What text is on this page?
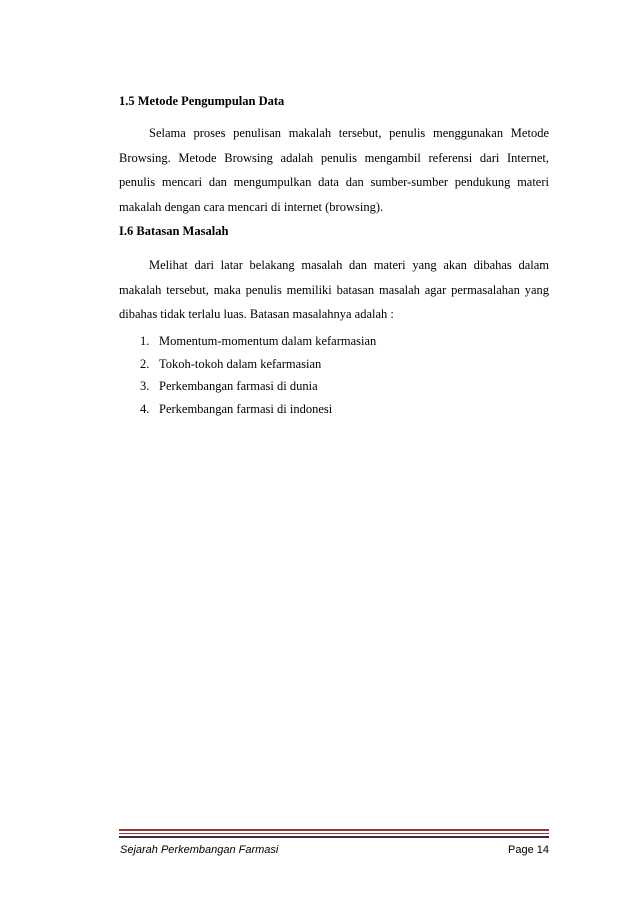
1.5 Metode Pengumpulan Data

Selama proses penulisan makalah tersebut, penulis menggunakan Metode Browsing. Metode Browsing adalah penulis mengambil referensi dari Internet, penulis mencari dan mengumpulkan data dan sumber-sumber pendukung materi makalah dengan cara mencari di internet (browsing).

I.6 Batasan Masalah

Melihat dari latar belakang masalah dan materi yang akan dibahas dalam makalah tersebut, maka penulis memiliki batasan masalah agar permasalahan yang dibahas tidak terlalu luas. Batasan masalahnya adalah :

1. Momentum-momentum dalam kefarmasian
2. Tokoh-tokoh dalam kefarmasian
3. Perkembangan farmasi di dunia
4. Perkembangan farmasi di indonesi
Sejarah Perkembangan Farmasi	Page 14
